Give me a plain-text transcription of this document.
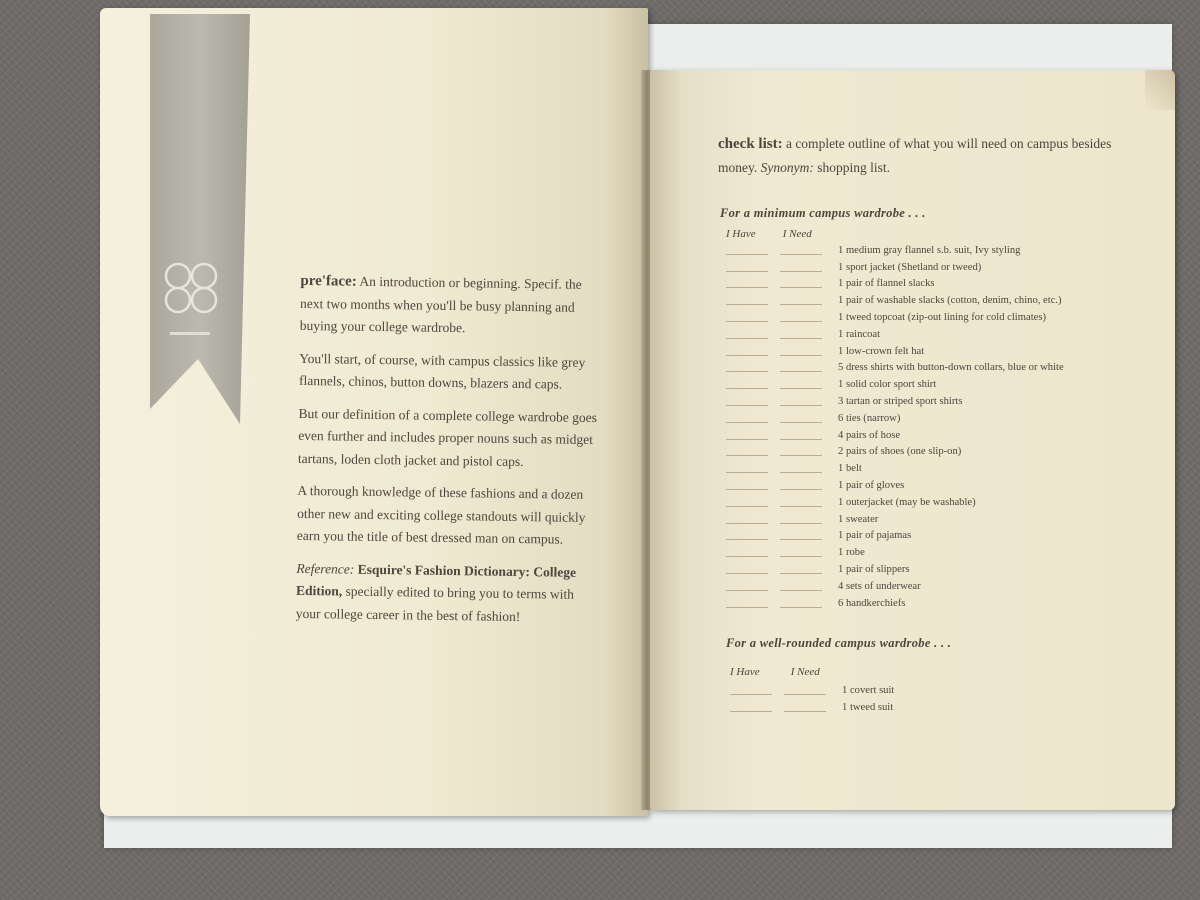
pre'face: An introduction or beginning. Specif. the next two months when you'll be busy planning and buying your college wardrobe.

You'll start, of course, with campus classics like grey flannels, chinos, button downs, blazers and caps.

But our definition of a complete college wardrobe goes even further and includes proper nouns such as midget tartans, loden cloth jacket and pistol caps.

A thorough knowledge of these fashions and a dozen other new and exciting college standouts will quickly earn you the title of best dressed man on campus.

Reference: Esquire's Fashion Dictionary: College Edition, specially edited to bring you to terms with your college career in the best of fashion!

check list: a complete outline of what you will need on campus besides money. Synonym: shopping list.
For a minimum campus wardrobe . . .
I Have I Need
1 medium gray flannel s.b. suit, Ivy styling
1 sport jacket (Shetland or tweed)
1 pair of flannel slacks
1 pair of washable slacks (cotton, denim, chino, etc.)
1 tweed topcoat (zip-out lining for cold climates)
1 raincoat
1 low-crown felt hat
5 dress shirts with button-down collars, blue or white
1 solid color sport shirt
3 tartan or striped sport shirts
6 ties (narrow)
4 pairs of hose
2 pairs of shoes (one slip-on)
1 belt
1 pair of gloves
1 outerjacket (may be washable)
1 sweater
1 pair of pajamas
1 robe
1 pair of slippers
4 sets of underwear
6 handkerchiefs
For a well-rounded campus wardrobe . . .
I Have	I Need
1 covert suit
1 tweed suit
